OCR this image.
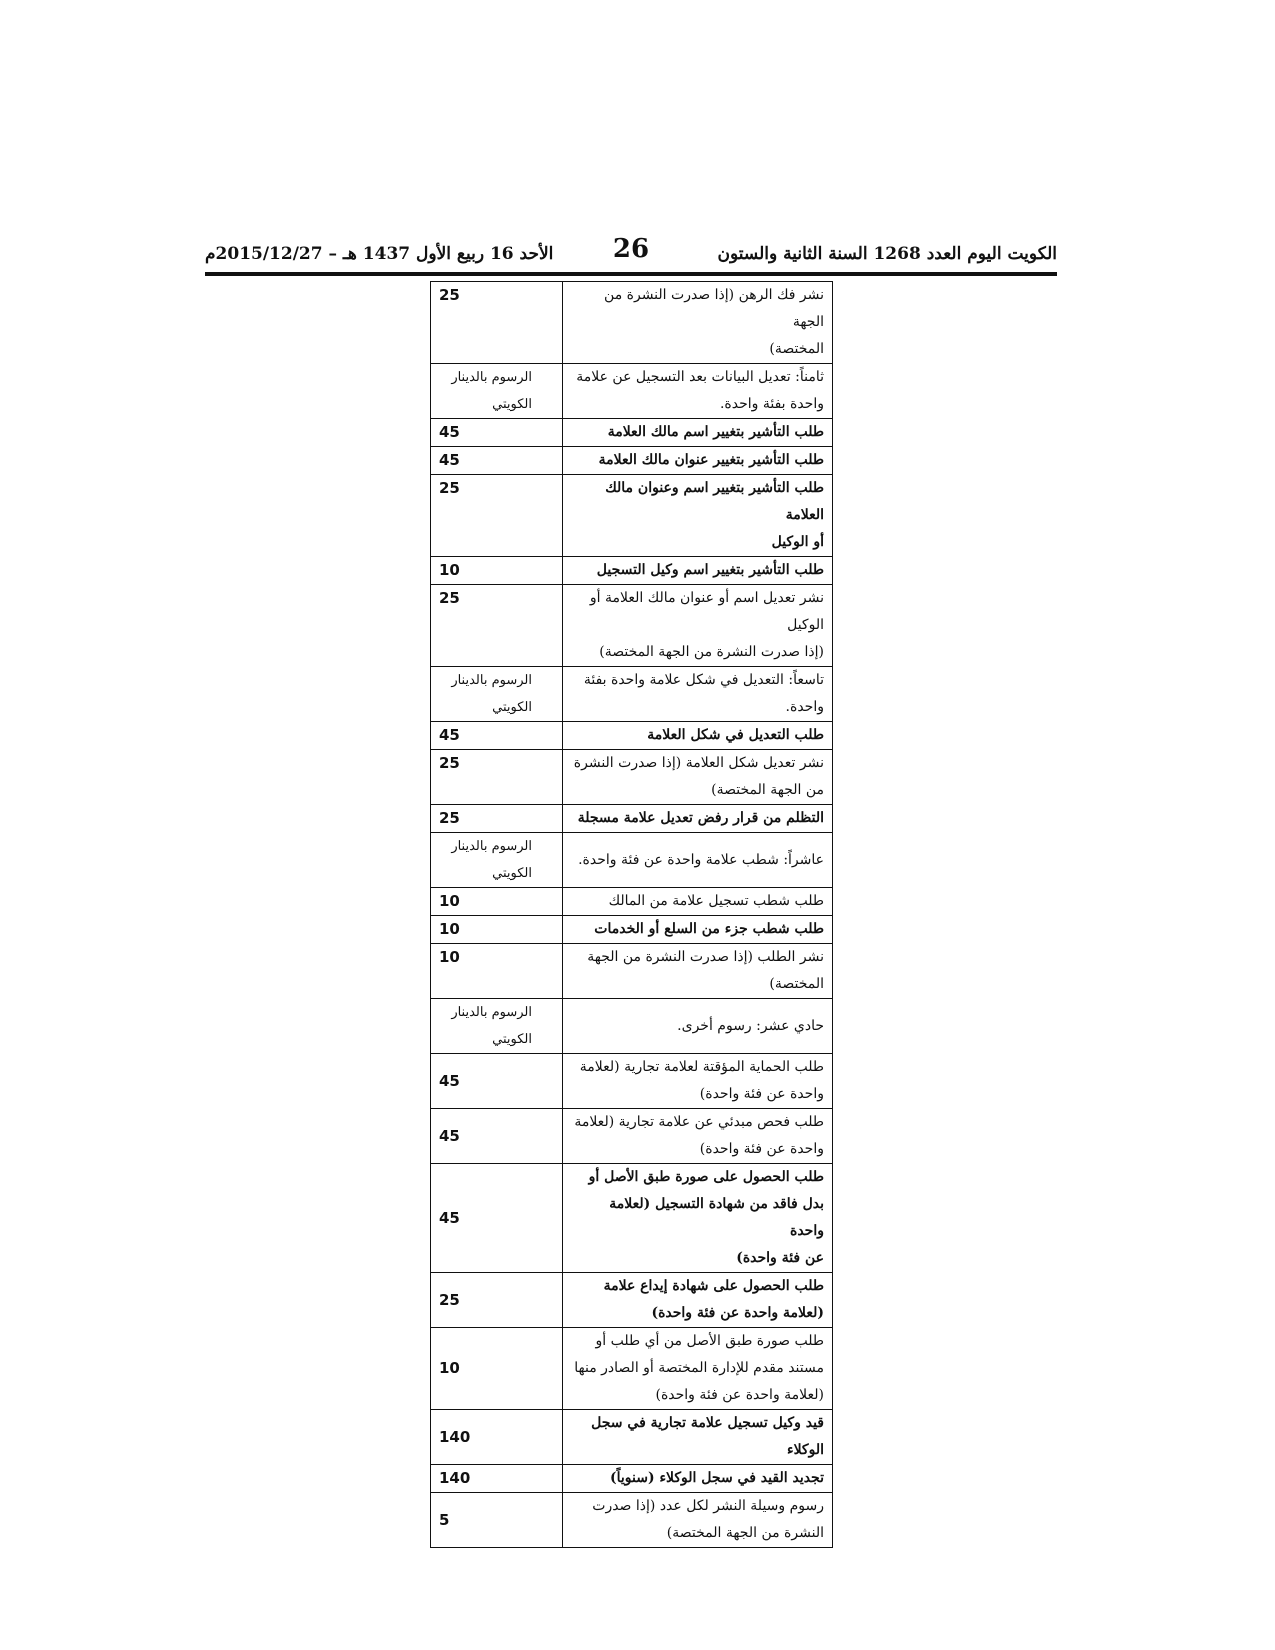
الكويت اليوم العدد 1268 السنة الثانية والستون
26
الأحد 16 ربيع الأول 1437 هـ – 2015/12/27م
نشر فك الرهن (إذا صدرت النشرة من الجهة
المختصة)	25

ثامناً: تعديل البيانات بعد التسجيل عن علامة
واحدة بفئة واحدة.	الرسوم بالدينار الكويتي

طلب التأشير بتغيير اسم مالك العلامة	45

طلب التأشير بتغيير عنوان مالك العلامة	45

طلب التأشير بتغيير اسم وعنوان مالك العلامة
أو الوكيل	25

طلب التأشير بتغيير اسم وكيل التسجيل	10

نشر تعديل اسم أو عنوان مالك العلامة أو
الوكيل
(إذا صدرت النشرة من الجهة المختصة)	25

تاسعاً: التعديل في شكل علامة واحدة بفئة
واحدة.	الرسوم بالدينار الكويتي

طلب التعديل في شكل العلامة	45

نشر تعديل شكل العلامة (إذا صدرت النشرة
من الجهة المختصة)	25

التظلم من قرار رفض تعديل علامة مسجلة	25

عاشراً: شطب علامة واحدة عن فئة واحدة.	الرسوم بالدينار الكويتي

طلب شطب تسجيل علامة من المالك	10

طلب شطب جزء من السلع أو الخدمات	10

نشر الطلب (إذا صدرت النشرة من الجهة
المختصة)	10

حادي عشر: رسوم أخرى.	الرسوم بالدينار الكويتي

طلب الحماية المؤقتة لعلامة تجارية (لعلامة
واحدة عن فئة واحدة)	45

طلب فحص مبدئي عن علامة تجارية (لعلامة
واحدة عن فئة واحدة)	45

طلب الحصول على صورة طبق الأصل أو
بدل فاقد من شهادة التسجيل (لعلامة واحدة
عن فئة واحدة)	45

طلب الحصول على شهادة إيداع علامة
(لعلامة واحدة عن فئة واحدة)	25

طلب صورة طبق الأصل من أي طلب أو
مستند مقدم للإدارة المختصة أو الصادر منها
(لعلامة واحدة عن فئة واحدة)	10

قيد وكيل تسجيل علامة تجارية في سجل
الوكلاء	140

تجديد القيد في سجل الوكلاء (سنوياً)	140

رسوم وسيلة النشر لكل عدد (إذا صدرت
النشرة من الجهة المختصة)	5
